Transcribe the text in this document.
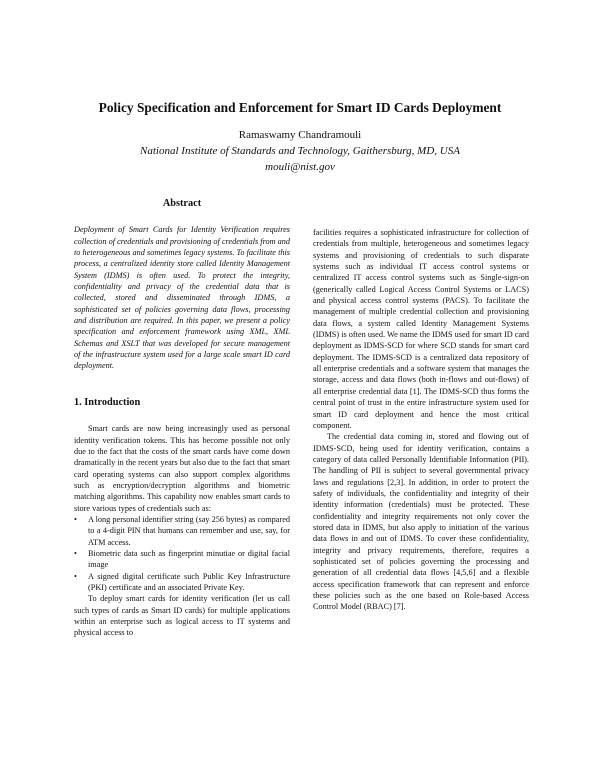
Policy Specification and Enforcement for Smart ID Cards Deployment
Ramaswamy Chandramouli
National Institute of Standards and Technology, Gaithersburg, MD, USA
mouli@nist.gov
Abstract

Deployment of Smart Cards for Identity Verification requires collection of credentials and provisioning of credentials from and to heterogeneous and sometimes legacy systems. To facilitate this process, a centralized identity store called Identity Management System (IDMS) is often used. To protect the integrity, confidentiality and privacy of the credential data that is collected, stored and disseminated through IDMS, a sophisticated set of policies governing data flows, processing and distribution are required. In this paper, we present a policy specification and enforcement framework using XML, XML Schemas and XSLT that was developed for secure management of the infrastructure system used for a large scale smart ID card deployment.

1. Introduction

Smart cards are now being increasingly used as personal identity verification tokens. This has become possible not only due to the fact that the costs of the smart cards have come down dramatically in the recent years but also due to the fact that smart card operating systems can also support complex algorithms such as encryption/decryption algorithms and biometric matching algorithms. This capability now enables smart cards to store various types of credentials such as:

• A long personal identifier string (say 256 bytes) as compared to a 4-digit PIN that humans can remember and use, say, for ATM access.
• Biometric data such as fingerprint minutiae or digital facial image
• A signed digital certificate such Public Key Infrastructure (PKI) certificate and an associated Private Key.

To deploy smart cards for identity verification (let us call such types of cards as Smart ID cards) for multiple applications within an enterprise such as logical access to IT systems and physical access to

facilities requires a sophisticated infrastructure for collection of credentials from multiple, heterogeneous and sometimes legacy systems and provisioning of credentials to such disparate systems such as individual IT access control systems or centralized IT access control systems such as Single-sign-on (generically called Logical Access Control Systems or LACS) and physical access control systems (PACS). To facilitate the management of multiple credential collection and provisioning data flows, a system called Identity Management Systems (IDMS) is often used. We name the IDMS used for smart ID card deployment as IDMS-SCD for where SCD stands for smart card deployment. The IDMS-SCD is a centralized data repository of all enterprise credentials and a software system that manages the storage, access and data flows (both in-flows and out-flows) of all enterprise credential data [1]. The IDMS-SCD thus forms the central point of trust in the entire infrastructure system used for smart ID card deployment and hence the most critical component.

The credential data coming in, stored and flowing out of IDMS-SCD, being used for identity verification, contains a category of data called Personally Identifiable Information (PII). The handling of PII is subject to several governmental privacy laws and regulations [2,3]. In addition, in order to protect the safety of individuals, the confidentiality and integrity of their identity information (credentials) must be protected. These confidentiality and integrity requirements not only cover the stored data in IDMS, but also apply to initiation of the various data flows in and out of IDMS. To cover these confidentiality, integrity and privacy requirements, therefore, requires a sophisticated set of policies governing the processing and generation of all credential data flows [4,5,6] and a flexible access specification framework that can represent and enforce these policies such as the one based on Role-based Access Control Model (RBAC) [7].
